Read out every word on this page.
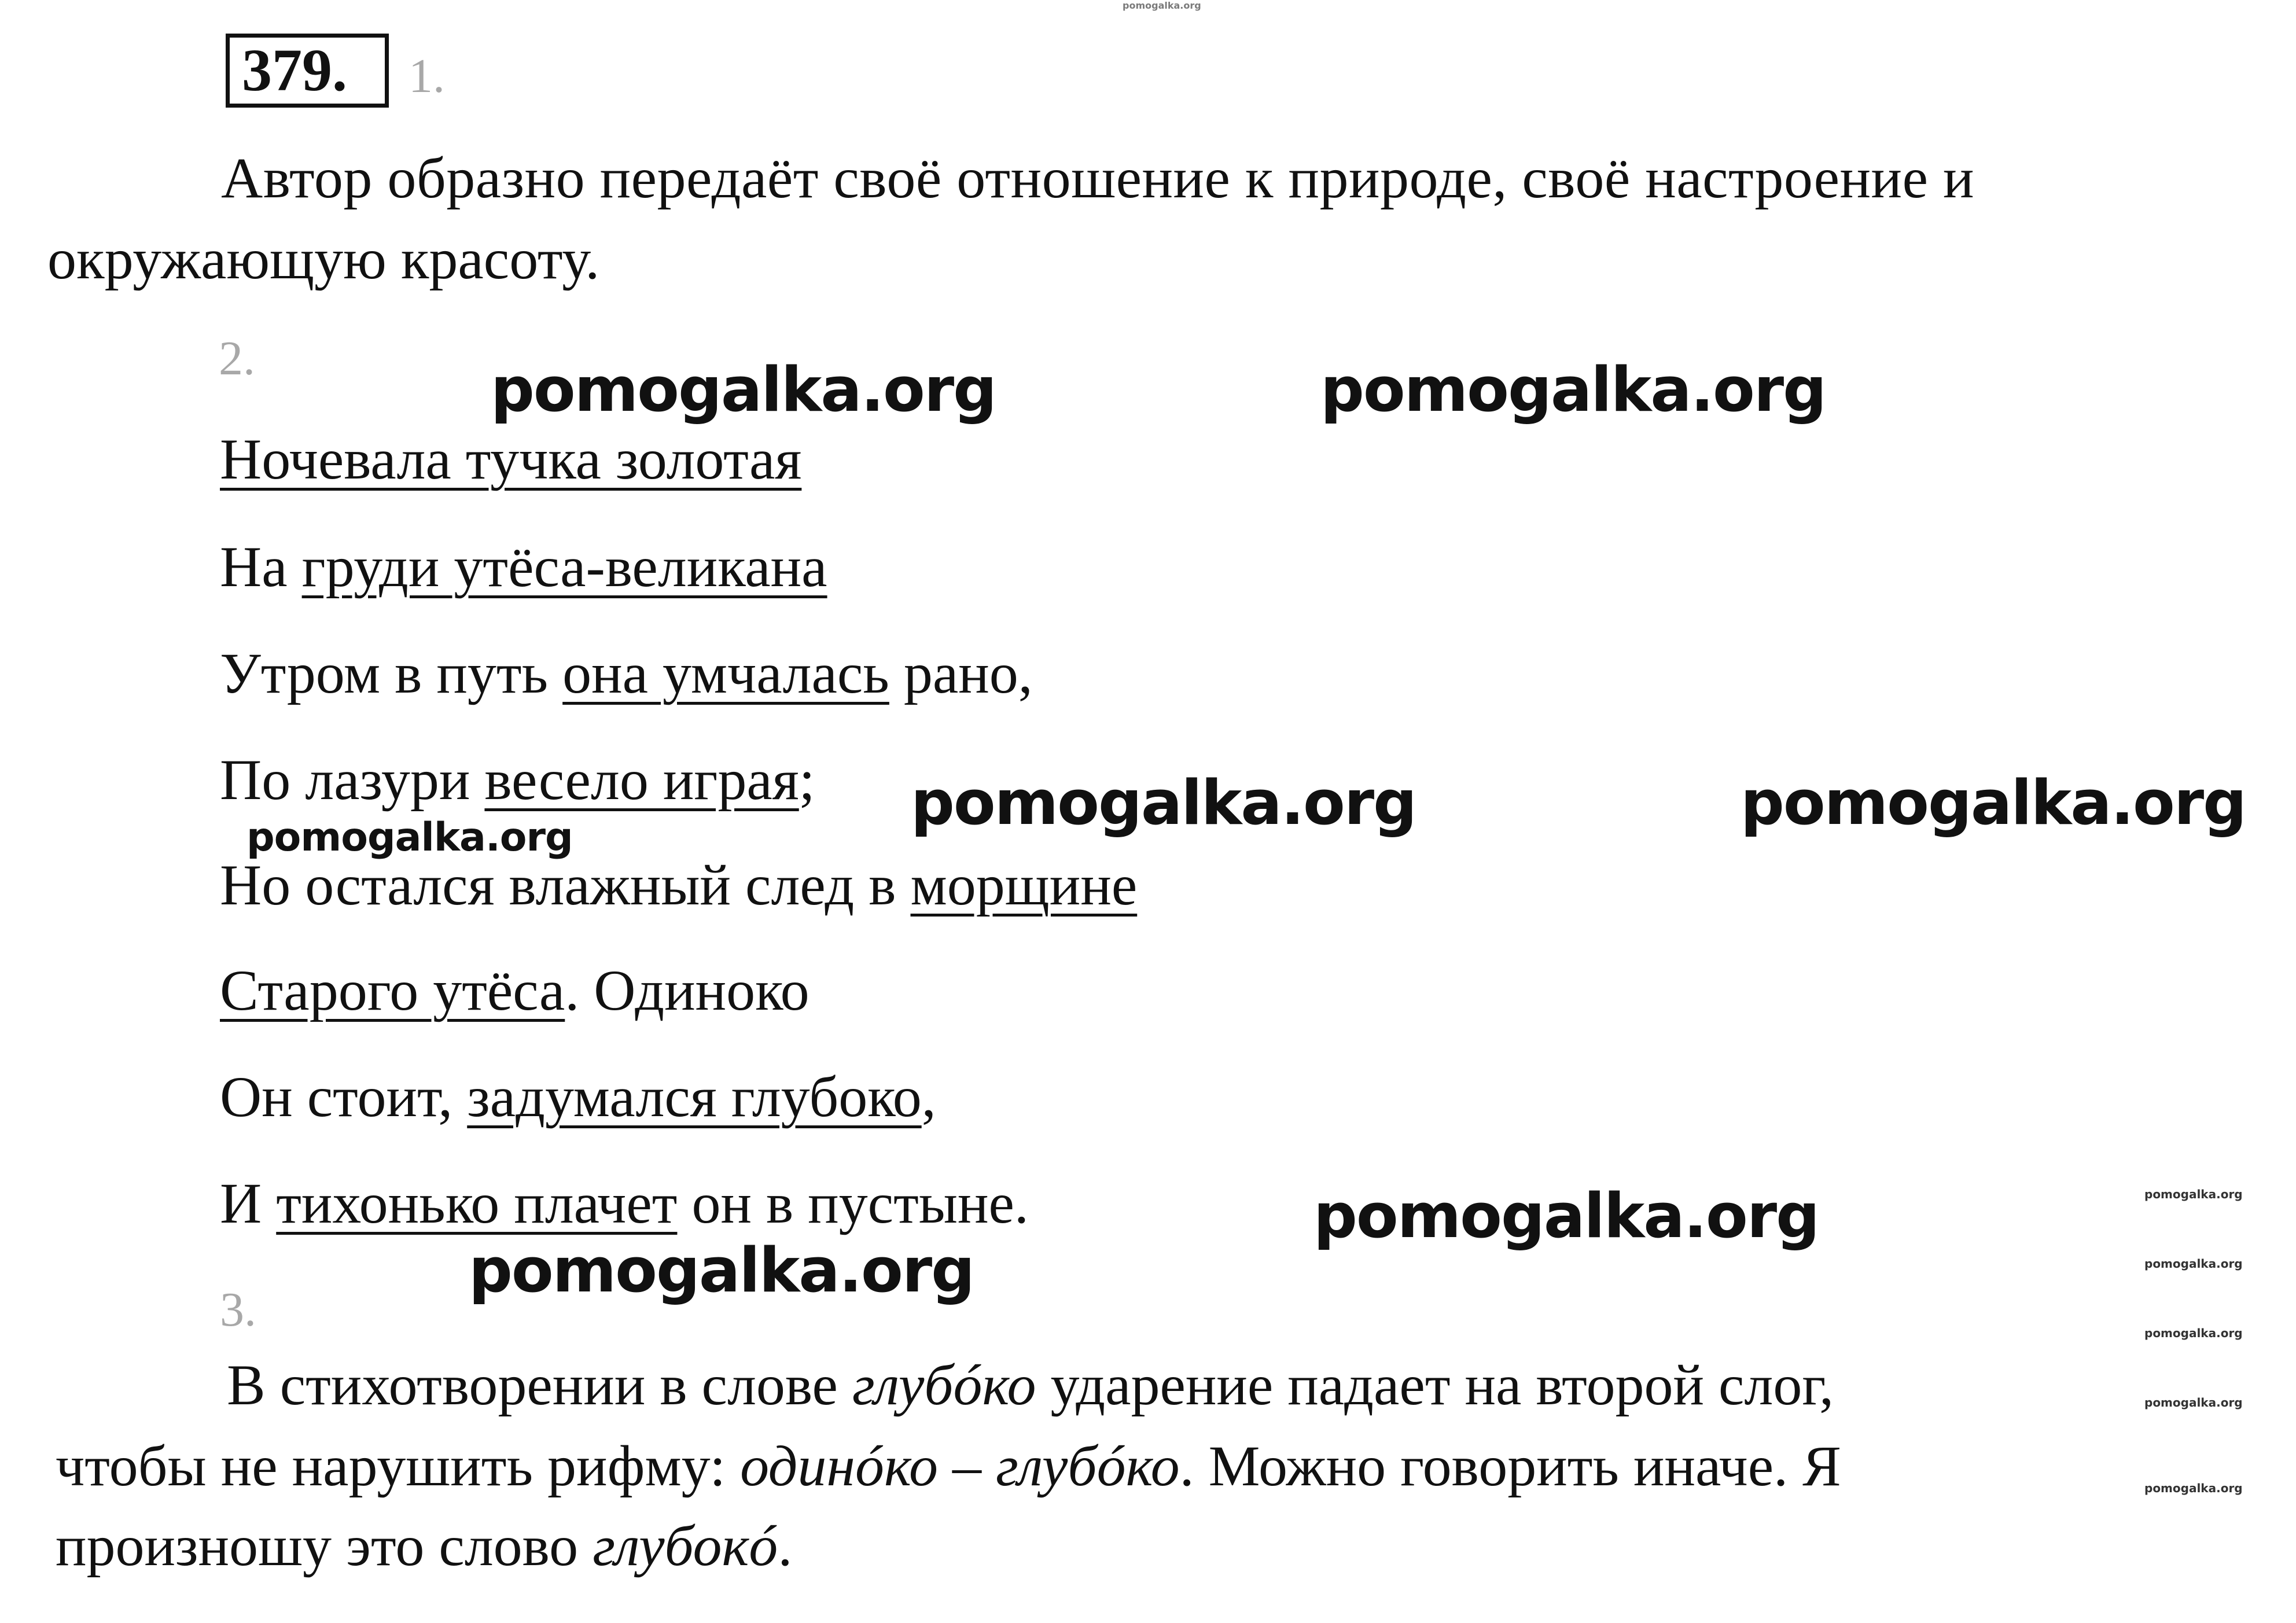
pomogalka.org
379. 1.
Автор образно передаёт своё отношение к природе, своё настроение и
окружающую красоту.
2.	pomogalka.org	pomogalka.org
Ночевала тучка золотая
На груди утёса-великана
Утром в путь она умчалась рано,
По лазури весело играя; pomogalka.org	pomogalka.org
pomogalka.org
Но остался влажный след в морщине
Старого утёса. Одиноко
Он стоит, задумался глубоко,
И тихонько плачет он в пустыне.	pomogalka.org
pomogalka.org
pomogalka.org
pomogalka.org
pomogalka.org
pomogalka.org
pomogalka.org
3.
В стихотворении в слове глубóко ударение падает на второй слог,
чтобы не нарушить рифму: одинóко – глубóко. Можно говорить иначе. Я
произношу это слово глубокó.
